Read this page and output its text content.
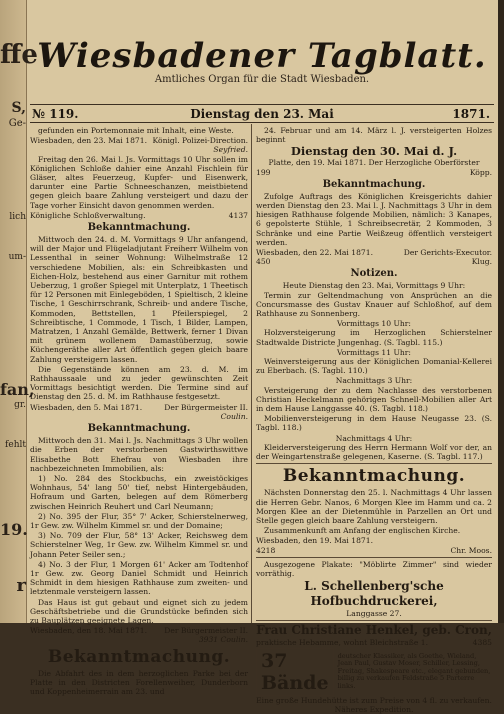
ffe
S,
Ge-
lich
um-
fan,
gr.
fehlt
19.
r
Wiesbadener Tagblatt.
Amtliches Organ für die Stadt Wiesbaden.
№ 119.	Dienstag den 23. Mai	1871.

gefunden ein Portemonnaie mit Inhalt, eine Weste.

Wiesbaden, den 23. Mai 1871. Königl. Polizei-Direction.
Seyfried.

Freitag den 26. Mai l. Js. Vormittags 10 Uhr sollen im Königlichen Schloße dahier eine Anzahl Fischlein für Gläser, altes Feuerzeug, Kupfer- und Eisenwerk, darunter eine Partie Schneeschanzen, meistbietend gegen gleich baare Zahlung versteigert und dazu der Tage vorher Einsicht davon genommen werden.

Königliche Schloßverwaltung.	4137
Bekanntmachung.

Mittwoch den 24. d. M. Vormittags 9 Uhr anfangend, will der Major und Flügeladjutant Freiherr Wilhelm von Lessenthal in seiner Wohnung: Wilhelmstraße 12 verschiedene Mobilien, als: ein Schreibkasten und Eichen-Holz, bestehend aus einer Garnitur mit rothem Ueberzug, 1 großer Spiegel mit Unterplatz, 1 Theetisch für 12 Personen mit Einlegeböden, 1 Spieltisch, 2 kleine Tische, 1 Geschirrschrank, Schreib- und andere Tische, Kommoden, Bettstellen, 1 Pfeilerspiegel, 2 Schreibtische, 1 Commode, 1 Tisch, 1 Bilder, Lampen, Matratzen, 1 Anzahl Gemälde, Bettwerk, ferner 1 Divan mit grünem wollenem Damastüberzug, sowie Küchengeräthe aller Art öffentlich gegen gleich baare Zahlung versteigern lassen.

Die Gegenstände können am 23. d. M. im Rathhaussaale und zu jeder gewünschten Zeit Vormittags besichtigt werden. Die Termine sind auf Dienstag den 25. d. M. im Rathhause festgesetzt.

Wiesbaden, den 5. Mai 1871.	Der Bürgermeister II.
Coulin.
Bekanntmachung.

Mittwoch den 31. Mai l. Js. Nachmittags 3 Uhr wollen die Erben der verstorbenen Gastwirthswittwe Elisabethe Bott Ehefrau von Wiesbaden ihre nachbezeichneten Immobilien, als:

1) No. 284 des Stockbuchs, ein zweistöckiges Wohnhaus, 54' lang 50' tief, nebst Hintergebäuden, Hofraum und Garten, belegen auf dem Römerberg zwischen Heinrich Reuhert und Carl Neumann;

2) No. 395 der Flur, 35° 7' Acker, Schierstelnerweg, 1r Gew. zw. Wilhelm Kimmel sr. und der Domaine;

3) No. 709 der Flur, 58° 13' Acker, Reichsweg dem Schierstelner Weg, 1r Gew. zw. Wilhelm Kimmel sr. und Johann Peter Seiler sen.;

4) No. 3 der Flur, 1 Morgen 61' Acker am Todtenhof 1r Gew. zw. Georg Daniel Schmidt und Heinrich Schmidt in dem hiesigen Rathhause zum zweiten- und letztenmale versteigern lassen.

Das Haus ist gut gebaut und eignet sich zu jedem Geschäftsbetriebe und die Grundstücke befinden sich zu Bauplätzen geeignete Lagen.

Wiesbaden, den 18. Mai 1871. Der Bürgermeister II.
3931 Coulin.
Bekanntmachung.

Die Abfahrt des in dem herzoglichen Parke bei der Platte in den Districten Forellenweiher, Dunderborn und Koppenheimerrain am 23. und

24. Februar und am 14. März l. J. versteigerten Holzes beginnt

Dienstag den 30. Mai d. J.
Platte, den 19. Mai 1871. Der Herzogliche Oberförster
199	Köpp.
Bekanntmachung.

Zufolge Auftrags des Königlichen Kreisgerichts dahier werden Dienstag den 23. Mai l. J. Nachmittags 3 Uhr in dem hiesigen Rathhause folgende Mobilien, nämlich: 3 Kanapes, 6 gepolsterte Stühle, 1 Schreibsecretär, 2 Kommoden, 3 Schränke und eine Partie Weißzeug öffentlich versteigert werden.

Wiesbaden, den 22. Mai 1871.	Der Gerichts-Executor.
450	Klug.
Notizen.
Heute Dienstag den 23. Mai, Vormittags 9 Uhr:

Termin zur Geltendmachung von Ansprüchen an die Concursmasse des Gustav Knauer auf Schloßhof, auf dem Rathhause zu Sonnenberg.

Vormittags 10 Uhr:

Holzversteigerung im Herzoglichen Schierstelner Stadtwalde Districte Jungenhag. (S. Tagbl. 115.)

Vormittags 11 Uhr:

Weinversteigerung aus der Königlichen Domanial-Kellerei zu Eberbach. (S. Tagbl. 110.)

Nachmittags 3 Uhr:

Versteigerung der zu dem Nachlasse des verstorbenen Christian Heckelmann gehörigen Schnell-Mobilien aller Art in dem Hause Langgasse 40. (S. Tagbl. 118.)

Mobilienversteigerung in dem Hause Neugasse 23. (S. Tagbl. 118.)

Nachmittags 4 Uhr:

Kleiderversteigerung des Herrn Hermann Wolf vor der, an der Weingartenstraße gelegenen, Kaserne. (S. Tagbl. 117.)

Bekanntmachung.

Nächsten Donnerstag den 25. l. Nachmittags 4 Uhr lassen die Herren Gebr. Nanos, 6 Morgen Klee im Hamm und ca. 2 Morgen Klee an der Dietenmühle in Parzellen an Ort und Stelle gegen gleich baare Zahlung versteigern.

Zusammenkunft am Anfang der englischen Kirche.

Wiesbaden, den 19. Mai 1871.
4218	Chr. Moos.

Ausgezogene Plakate: "Möblirte Zimmer" sind wieder vorräthig.

L. Schellenberg'sche Hofbuchdruckerei,
Langgasse 27.
Frau Christiane Henkel, geb. Cron,
praktische Hebamme, wohnt Bleichstraße 1.	4385
37 Bände
deutscher Klassiker, als Goethe, Wieland, Jean Paul, Gustav Moser, Schiller, Lessing, Freitag, Shakespeare etc., elegant gebunden, billig zu verkaufen Feldstraße 5 Parterre links.
Eine große Hundehütte ist zum Preise von 4 fl. zu verkaufen. Näheres Expedition.
